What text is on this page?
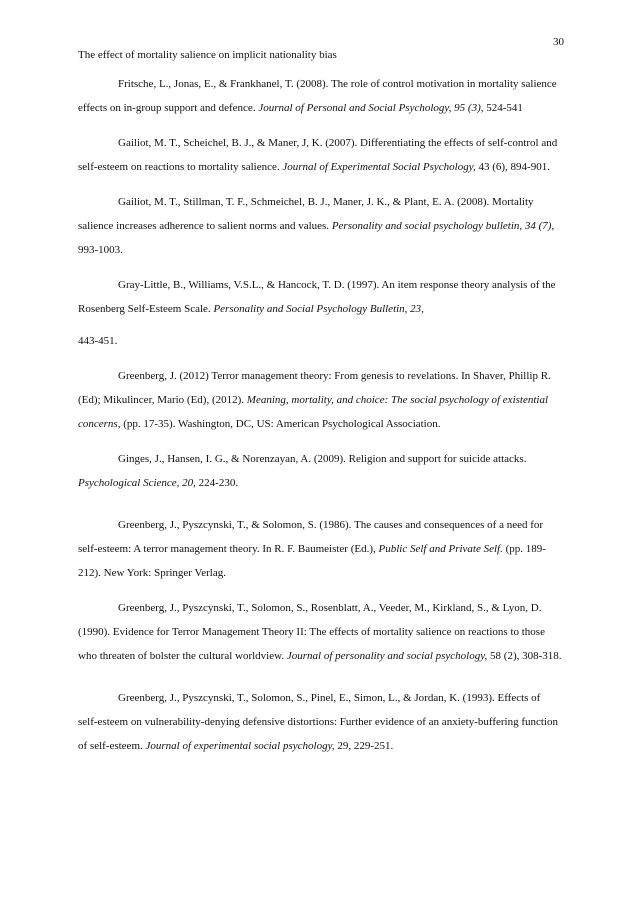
30
The effect of mortality salience on implicit nationality bias

Fritsche, L., Jonas, E., & Frankhanel, T. (2008). The role of control motivation in mortality salience effects on in-group support and defence. Journal of Personal and Social Psychology, 95 (3), 524-541

Gailiot, M. T., Scheichel, B. J., & Maner, J, K. (2007). Differentiating the effects of self-control and self-esteem on reactions to mortality salience. Journal of Experimental Social Psychology, 43 (6), 894-901.

Gailiot, M. T., Stillman, T. F., Schmeichel, B. J., Maner, J. K., & Plant, E. A. (2008). Mortality salience increases adherence to salient norms and values. Personality and social psychology bulletin, 34 (7), 993-1003.

Gray-Little, B., Williams, V.S.L., & Hancock, T. D. (1997). An item response theory analysis of the Rosenberg Self-Esteem Scale. Personality and Social Psychology Bulletin, 23,
443-451.

Greenberg, J. (2012) Terror management theory: From genesis to revelations. In Shaver, Phillip R. (Ed); Mikulincer, Mario (Ed), (2012). Meaning, mortality, and choice: The social psychology of existential concerns, (pp. 17-35). Washington, DC, US: American Psychological Association.

Ginges, J., Hansen, I. G., & Norenzayan, A. (2009). Religion and support for suicide attacks. Psychological Science, 20, 224-230.

Greenberg, J., Pyszcynski, T., & Solomon, S. (1986). The causes and consequences of a need for self-esteem: A terror management theory. In R. F. Baumeister (Ed.), Public Self and Private Self. (pp. 189-212). New York: Springer Verlag.

Greenberg, J., Pyszcynski, T., Solomon, S., Rosenblatt, A., Veeder, M., Kirkland, S., & Lyon, D. (1990). Evidence for Terror Management Theory II: The effects of mortality salience on reactions to those who threaten of bolster the cultural worldview. Journal of personality and social psychology, 58 (2), 308-318.

Greenberg, J., Pyszcynski, T., Solomon, S., Pinel, E., Simon, L., & Jordan, K. (1993). Effects of self-esteem on vulnerability-denying defensive distortions: Further evidence of an anxiety-buffering function of self-esteem. Journal of experimental social psychology, 29, 229-251.
